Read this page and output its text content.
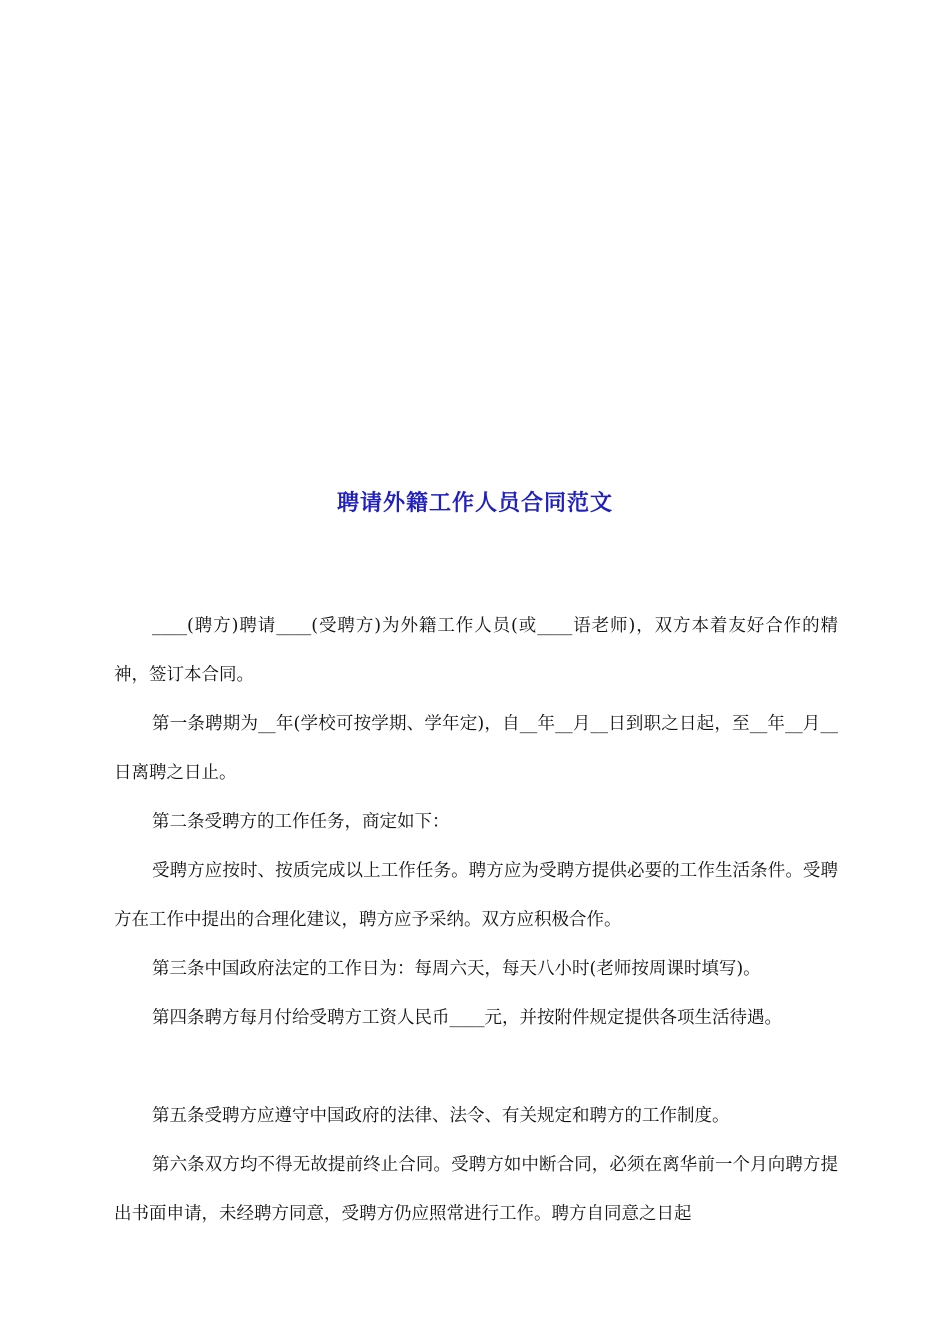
聘请外籍工作人员合同范文

____(聘方)聘请____(受聘方)为外籍工作人员(或____语老师)，双方本着友好合作的精神，签订本合同。

第一条聘期为__年(学校可按学期、学年定)，自__年__月__日到职之日起，至__年__月__日离聘之日止。

第二条受聘方的工作任务，商定如下：

受聘方应按时、按质完成以上工作任务。聘方应为受聘方提供必要的工作生活条件。受聘方在工作中提出的合理化建议，聘方应予采纳。双方应积极合作。

第三条中国政府法定的工作日为：每周六天，每天八小时(老师按周课时填写)。

第四条聘方每月付给受聘方工资人民币____元，并按附件规定提供各项生活待遇。

第五条受聘方应遵守中国政府的法律、法令、有关规定和聘方的工作制度。

第六条双方均不得无故提前终止合同。受聘方如中断合同，必须在离华前一个月向聘方提出书面申请，未经聘方同意，受聘方仍应照常进行工作。聘方自同意之日起
